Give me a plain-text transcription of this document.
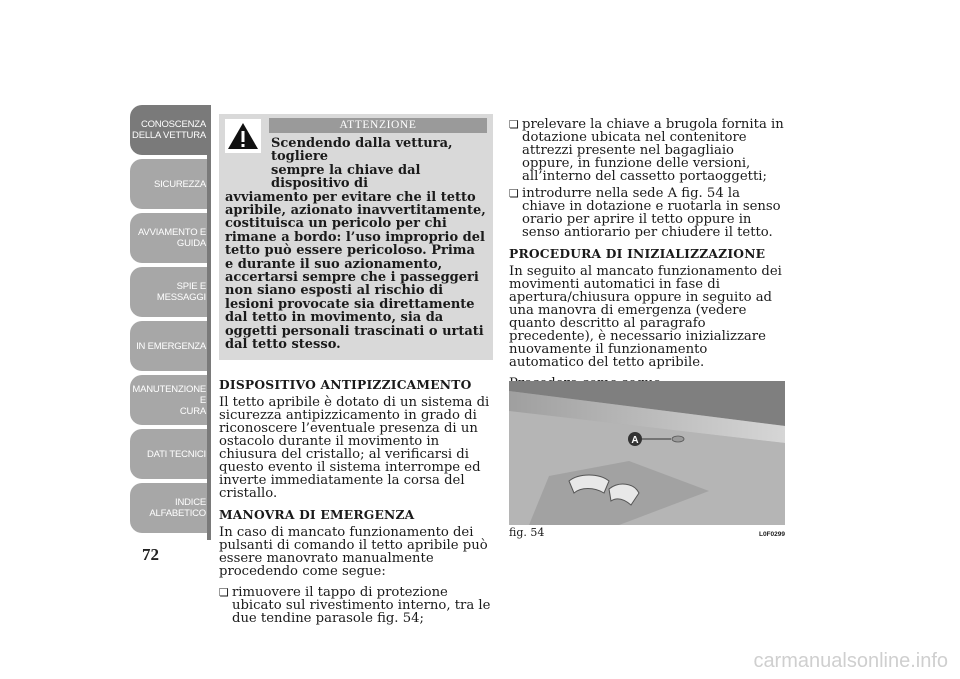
CONOSCENZA
DELLA VETTURA
SICUREZZA
AVVIAMENTO E
GUIDA
SPIE E MESSAGGI
IN EMERGENZA
MANUTENZIONE E
CURA
DATI TECNICI
INDICE
ALFABETICO
72
ATTENZIONE
Scendendo dalla vettura, togliere
sempre la chiave dal dispositivo di
avviamento per evitare che il tetto apribile, azionato inavvertitamente, costituisca un pericolo per chi rimane a bordo: l’uso improprio del tetto può essere pericoloso. Prima e durante il suo azionamento, accertarsi sempre che i passeggeri non siano esposti al rischio di lesioni provocate sia direttamente dal tetto in movimento, sia da oggetti personali trascinati o urtati dal tetto stesso.
DISPOSITIVO ANTIPIZZICAMENTO

Il tetto apribile è dotato di un sistema di sicurezza antipizzicamento in grado di riconoscere l’eventuale presenza di un ostacolo durante il movimento in chiusura del cristallo; al verificarsi di questo evento il sistema interrompe ed inverte immediatamente la corsa del cristallo.

MANOVRA DI EMERGENZA

In caso di mancato funzionamento dei pulsanti di comando il tetto apribile può essere manovrato manualmente procedendo come segue:

❏ rimuovere il tappo di protezione ubicato sul rivestimento interno, tra le due tendine parasole fig. 54;
❏ prelevare la chiave a brugola fornita in dotazione ubicata nel contenitore attrezzi presente nel bagagliaio oppure, in funzione delle versioni, all’interno del cassetto portaoggetti;
❏ introdurre nella sede A fig. 54 la chiave in dotazione e ruotarla in senso orario per aprire il tetto oppure in senso antiorario per chiudere il tetto.
PROCEDURA DI INIZIALIZZAZIONE

In seguito al mancato funzionamento dei movimenti automatici in fase di apertura/chiusura oppure in seguito ad una manovra di emergenza (vedere quanto descritto al paragrafo precedente), è necessario inizializzare nuovamente il funzionamento automatico del tetto apribile.

❏
A
fig. 54	L0F0299
carmanualsonline.info
